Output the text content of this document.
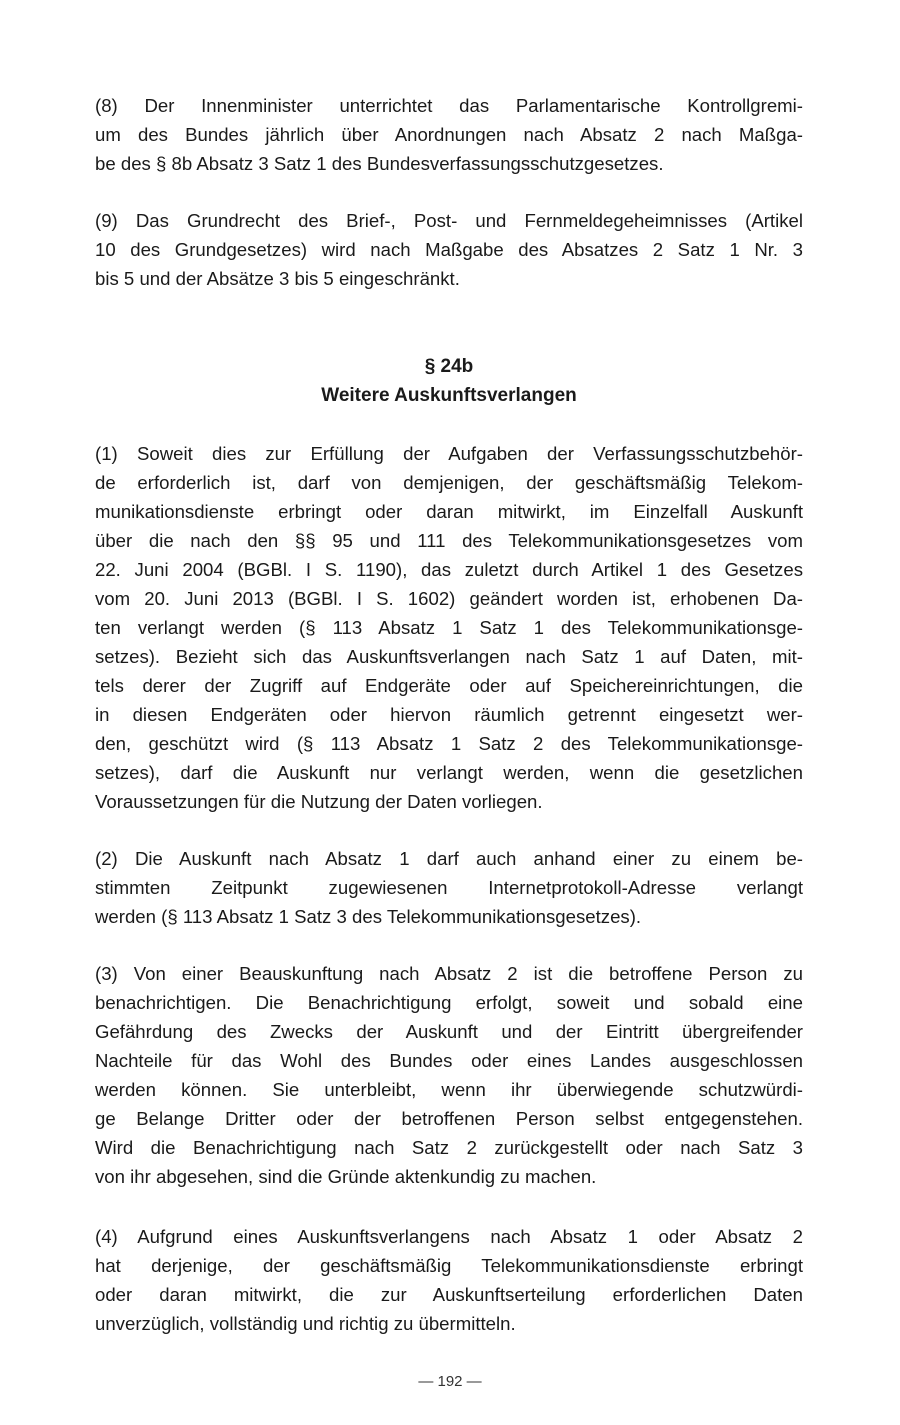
§ 24b
Weitere Auskunftsverlangen
— 192 —
(8) Der Innenminister unterrichtet das Parlamentarische Kontrollgremi-
um des Bundes jährlich über Anordnungen nach Absatz 2 nach Maßga-
be des § 8b Absatz 3 Satz 1 des Bundesverfassungsschutzgesetzes.
(9) Das Grundrecht des Brief-, Post- und Fernmeldegeheimnisses (Artikel
10 des Grundgesetzes) wird nach Maßgabe des Absatzes 2 Satz 1 Nr. 3
bis 5 und der Absätze 3 bis 5 eingeschränkt.
(1) Soweit dies zur Erfüllung der Aufgaben der Verfassungsschutzbehör-
de erforderlich ist, darf von demjenigen, der geschäftsmäßig Telekom-
munikationsdienste erbringt oder daran mitwirkt, im Einzelfall Auskunft
über die nach den §§ 95 und 111 des Telekommunikationsgesetzes vom
22. Juni 2004 (BGBl. I S. 1190), das zuletzt durch Artikel 1 des Gesetzes
vom 20. Juni 2013 (BGBl. I S. 1602) geändert worden ist, erhobenen Da-
ten verlangt werden (§ 113 Absatz 1 Satz 1 des Telekommunikationsge-
setzes). Bezieht sich das Auskunftsverlangen nach Satz 1 auf Daten, mit-
tels derer der Zugriff auf Endgeräte oder auf Speichereinrichtungen, die
in diesen Endgeräten oder hiervon räumlich getrennt eingesetzt wer-
den, geschützt wird (§ 113 Absatz 1 Satz 2 des Telekommunikationsge-
setzes), darf die Auskunft nur verlangt werden, wenn die gesetzlichen
Voraussetzungen für die Nutzung der Daten vorliegen.
(2) Die Auskunft nach Absatz 1 darf auch anhand einer zu einem be-
stimmten Zeitpunkt zugewiesenen Internetprotokoll-Adresse verlangt
werden (§ 113 Absatz 1 Satz 3 des Telekommunikationsgesetzes).
(3) Von einer Beauskunftung nach Absatz 2 ist die betroffene Person zu
benachrichtigen. Die Benachrichtigung erfolgt, soweit und sobald eine
Gefährdung des Zwecks der Auskunft und der Eintritt übergreifender
Nachteile für das Wohl des Bundes oder eines Landes ausgeschlossen
werden können. Sie unterbleibt, wenn ihr überwiegende schutzwürdi-
ge Belange Dritter oder der betroffenen Person selbst entgegenstehen.
Wird die Benachrichtigung nach Satz 2 zurückgestellt oder nach Satz 3
von ihr abgesehen, sind die Gründe aktenkundig zu machen.
(4) Aufgrund eines Auskunftsverlangens nach Absatz 1 oder Absatz 2
hat derjenige, der geschäftsmäßig Telekommunikationsdienste erbringt
oder daran mitwirkt, die zur Auskunftserteilung erforderlichen Daten
unverzüglich, vollständig und richtig zu übermitteln.
